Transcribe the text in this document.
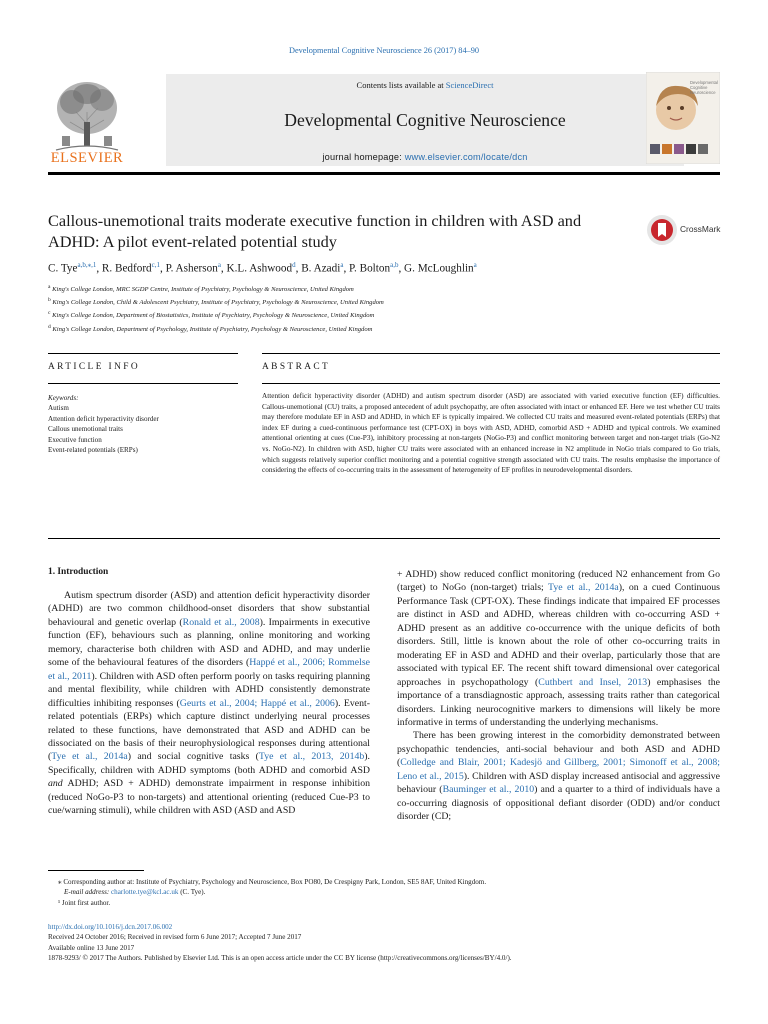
Developmental Cognitive Neuroscience 26 (2017) 84–90
ELSEVIER
Contents lists available at ScienceDirect
Developmental Cognitive Neuroscience
journal homepage: www.elsevier.com/locate/dcn
Developmental Cognitive Neuroscience
Callous-unemotional traits moderate executive function in children with ASD and ADHD: A pilot event-related potential study
CrossMark
C. Tye$^{a,b,⁎,1}$, R. Bedford$^{c,1}$, P. Asherson$^a$, K.L. Ashwood$^d$, B. Azadi$^a$, P. Bolton$^{a,b}$, G. McLoughlin$^a$
$^a$ King's College London, MRC SGDP Centre, Institute of Psychiatry, Psychology & Neuroscience, United Kingdom
$^b$ King's College London, Child & Adolescent Psychiatry, Institute of Psychiatry, Psychology & Neuroscience, United Kingdom
$^c$ King's College London, Department of Biostatistics, Institute of Psychiatry, Psychology & Neuroscience, United Kingdom
$^d$ King's College London, Department of Psychology, Institute of Psychiatry, Psychology & Neuroscience, United Kingdom
ARTICLE INFO	ABSTRACT
Keywords:
Autism
Attention deficit hyperactivity disorder
Callous unemotional traits
Executive function
Event-related potentials (ERPs)
Attention deficit hyperactivity disorder (ADHD) and autism spectrum disorder (ASD) are associated with varied executive function (EF) difficulties. Callous-unemotional (CU) traits, a proposed antecedent of adult psychopathy, are often associated with intact or enhanced EF. Here we test whether CU traits may therefore modulate EF in ASD and ADHD, in which EF is typically impaired. We collected CU traits and measured event-related potentials (ERPs) that index EF during a cued-continuous performance test (CPT-OX) in boys with ASD, ADHD, comorbid ASD + ADHD and typical controls. We examined attentional orienting at cues (Cue-P3), inhibitory processing at non-targets (NoGo-P3) and conflict monitoring between target and non-target trials (Go-N2 vs. NoGo-N2). In children with ASD, higher CU traits were associated with an enhanced increase in N2 amplitude in NoGo trials compared to Go trials, which suggests relatively superior conflict monitoring and a potential cognitive strength associated with CU traits. The results emphasise the importance of considering the effects of co-occurring traits in the assessment of heterogeneity of EF profiles in neurodevelopmental disorders.
1. Introduction

Autism spectrum disorder (ASD) and attention deficit hyperactivity disorder (ADHD) are two common childhood-onset disorders that show substantial behavioural and genetic overlap (Ronald et al., 2008). Impairments in executive function (EF), behaviours such as planning, online monitoring and working memory, characterise both children with ASD and ADHD, and may underlie some of the behavioural features of the disorders (Happé et al., 2006; Rommelse et al., 2011). Children with ASD often perform poorly on tasks requiring planning and mental flexibility, while children with ADHD consistently demonstrate difficulties inhibiting responses (Geurts et al., 2004; Happé et al., 2006). Event-related potentials (ERPs) which capture distinct underlying neural processes related to these functions, have demonstrated that ASD and ADHD can be dissociated on the basis of their neurophysiological responses during attentional (Tye et al., 2014a) and social cognitive tasks (Tye et al., 2013, 2014b). Specifically, children with ADHD symptoms (both ADHD and comorbid ASD and ADHD; ASD + ADHD) demonstrate impairment in response inhibition (reduced NoGo-P3 to non-targets) and attentional orienting (reduced Cue-P3 to cue/warning stimuli), while children with ASD (ASD and ASD

+ ADHD) show reduced conflict monitoring (reduced N2 enhancement from Go (target) to NoGo (non-target) trials; Tye et al., 2014a), on a cued Continuous Performance Task (CPT-OX). These findings indicate that impaired EF processes are distinct in ASD and ADHD, whereas children with co-occurring ASD + ADHD present as an additive co-occurrence with the unique deficits of both disorders. Still, little is known about the role of other co-occurring traits in moderating EF in ASD and ADHD and their overlap, particularly those that are associated with typical EF. The recent shift toward dimensional over categorical approaches in psychopathology (Cuthbert and Insel, 2013) emphasises the importance of a transdiagnostic approach, assessing traits rather than categorical disorders. Linking neurocognitive markers to dimensions will likely be more informative in terms of understanding the underlying mechanisms.

There has been growing interest in the comorbidity demonstrated between psychopathic tendencies, anti-social behaviour and both ASD and ADHD (Colledge and Blair, 2001; Kadesjö and Gillberg, 2001; Simonoff et al., 2008; Leno et al., 2015). Children with ASD display increased antisocial and aggressive behaviour (Bauminger et al., 2010) and a quarter to a third of individuals have a co-occurring diagnosis of oppositional defiant disorder (ODD) and/or conduct disorder (CD;

⁎ Corresponding author at: Institute of Psychiatry, Psychology and Neuroscience, Box PO80, De Crespigny Park, London, SE5 8AF, United Kingdom.
E-mail address: charlotte.tye@kcl.ac.uk (C. Tye).
¹ Joint first author.
http://dx.doi.org/10.1016/j.dcn.2017.06.002
Received 24 October 2016; Received in revised form 6 June 2017; Accepted 7 June 2017
Available online 13 June 2017
1878-9293/ © 2017 The Authors. Published by Elsevier Ltd. This is an open access article under the CC BY license (http://creativecommons.org/licenses/BY/4.0/).
